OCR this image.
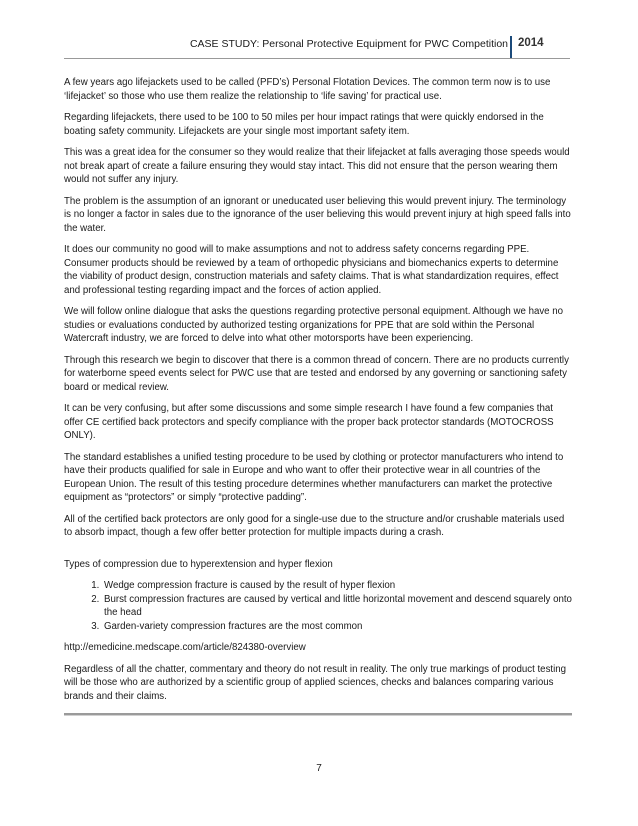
CASE STUDY: Personal Protective Equipment for PWC Competition 2014

A few years ago lifejackets used to be called (PFD’s) Personal Flotation Devices. The common term now is to use ‘lifejacket’ so those who use them realize the relationship to ‘life saving’ for practical use.

Regarding lifejackets, there used to be 100 to 50 miles per hour impact ratings that were quickly endorsed in the boating safety community. Lifejackets are your single most important safety item.

This was a great idea for the consumer so they would realize that their lifejacket at falls averaging those speeds would not break apart of create a failure ensuring they would stay intact. This did not ensure that the person wearing them would not suffer any injury.

The problem is the assumption of an ignorant or uneducated user believing this would prevent injury. The terminology is no longer a factor in sales due to the ignorance of the user believing this would prevent injury at high speed falls into the water.

It does our community no good will to make assumptions and not to address safety concerns regarding PPE. Consumer products should be reviewed by a team of orthopedic physicians and biomechanics experts to determine the viability of product design, construction materials and safety claims. That is what standardization requires, effect and professional testing regarding impact and the forces of action applied.

We will follow online dialogue that asks the questions regarding protective personal equipment. Although we have no studies or evaluations conducted by authorized testing organizations for PPE that are sold within the Personal Watercraft industry, we are forced to delve into what other motorsports have been experiencing.

Through this research we begin to discover that there is a common thread of concern. There are no products currently for waterborne speed events select for PWC use that are tested and endorsed by any governing or sanctioning safety board or medical review.

It can be very confusing, but after some discussions and some simple research I have found a few companies that offer CE certified back protectors and specify compliance with the proper back protector standards (MOTOCROSS ONLY).

The standard establishes a unified testing procedure to be used by clothing or protector manufacturers who intend to have their products qualified for sale in Europe and who want to offer their protective wear in all countries of the European Union. The result of this testing procedure determines whether manufacturers can market the protective equipment as “protectors” or simply “protective padding”.

All of the certified back protectors are only good for a single-use due to the structure and/or crushable materials used to absorb impact, though a few offer better protection for multiple impacts during a crash.

Types of compression due to hyperextension and hyper flexion

1. Wedge compression fracture is caused by the result of hyper flexion
2. Burst compression fractures are caused by vertical and little horizontal movement and descend squarely onto the head
3. Garden-variety compression fractures are the most common

http://emedicine.medscape.com/article/824380-overview

Regardless of all the chatter, commentary and theory do not result in reality. The only true markings of product testing will be those who are authorized by a scientific group of applied sciences, checks and balances comparing various brands and their claims.

7
